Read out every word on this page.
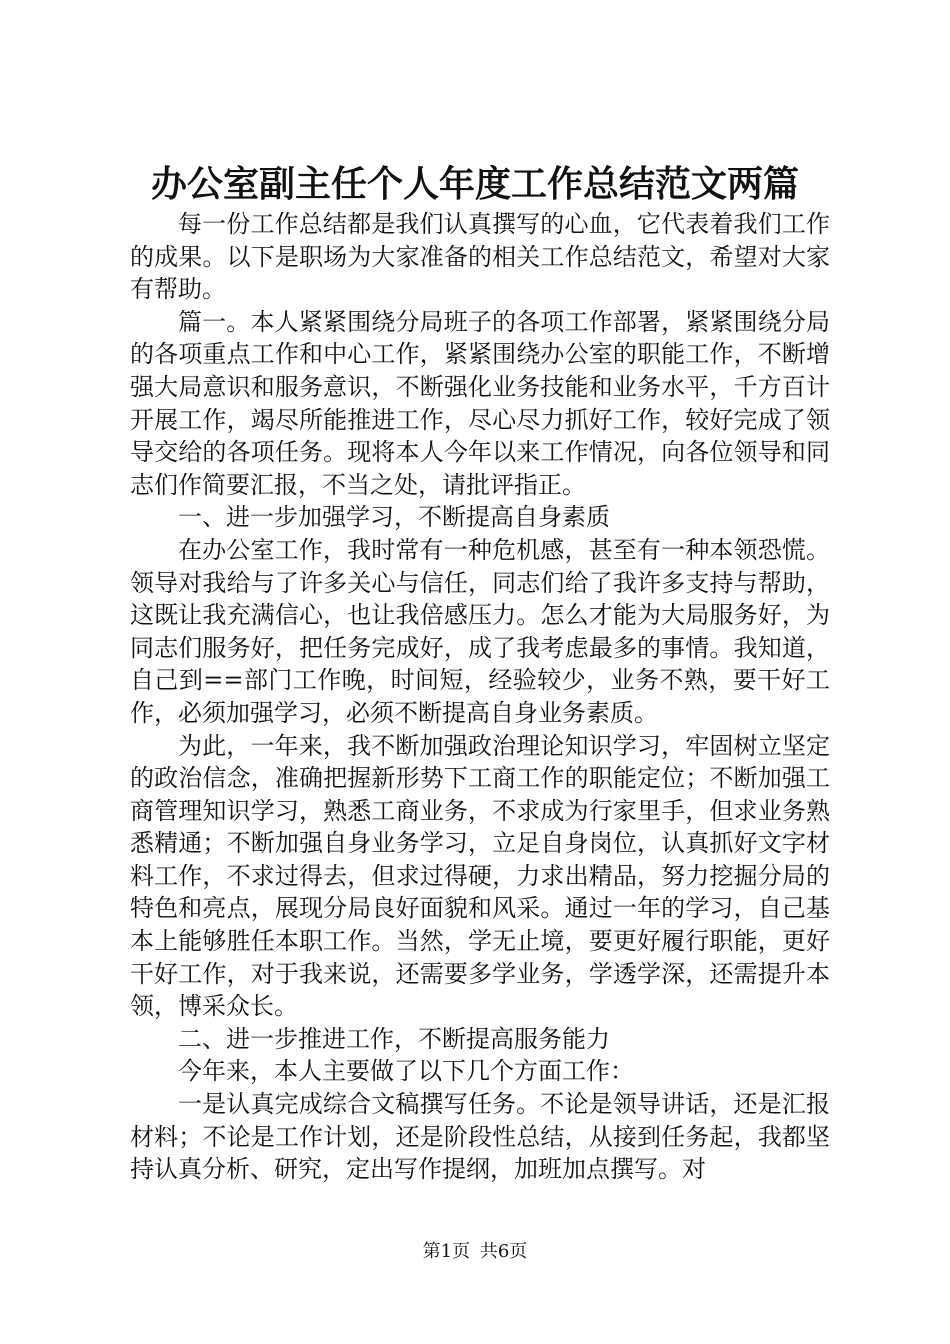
办公室副主任个人年度工作总结范文两篇

每一份工作总结都是我们认真撰写的心血，它代表着我们工作的成果。以下是职场为大家准备的相关工作总结范文，希望对大家有帮助。

篇一。本人紧紧围绕分局班子的各项工作部署，紧紧围绕分局的各项重点工作和中心工作，紧紧围绕办公室的职能工作，不断增强大局意识和服务意识，不断强化业务技能和业务水平，千方百计开展工作，竭尽所能推进工作，尽心尽力抓好工作，较好完成了领导交给的各项任务。现将本人今年以来工作情况，向各位领导和同志们作简要汇报，不当之处，请批评指正。

一、进一步加强学习，不断提高自身素质

在办公室工作，我时常有一种危机感，甚至有一种本领恐慌。领导对我给与了许多关心与信任，同志们给了我许多支持与帮助，这既让我充满信心，也让我倍感压力。怎么才能为大局服务好，为同志们服务好，把任务完成好，成了我考虑最多的事情。我知道，自己到==部门工作晚，时间短，经验较少，业务不熟，要干好工作，必须加强学习，必须不断提高自身业务素质。

为此，一年来，我不断加强政治理论知识学习，牢固树立坚定的政治信念，准确把握新形势下工商工作的职能定位；不断加强工商管理知识学习，熟悉工商业务，不求成为行家里手，但求业务熟悉精通；不断加强自身业务学习，立足自身岗位，认真抓好文字材料工作，不求过得去，但求过得硬，力求出精品，努力挖掘分局的特色和亮点，展现分局良好面貌和风采。通过一年的学习，自己基本上能够胜任本职工作。当然，学无止境，要更好履行职能，更好干好工作，对于我来说，还需要多学业务，学透学深，还需提升本领，博采众长。

二、进一步推进工作，不断提高服务能力

今年来，本人主要做了以下几个方面工作：

一是认真完成综合文稿撰写任务。不论是领导讲话，还是汇报材料；不论是工作计划，还是阶段性总结，从接到任务起，我都坚持认真分析、研究，定出写作提纲，加班加点撰写。对

第1页 共6页
